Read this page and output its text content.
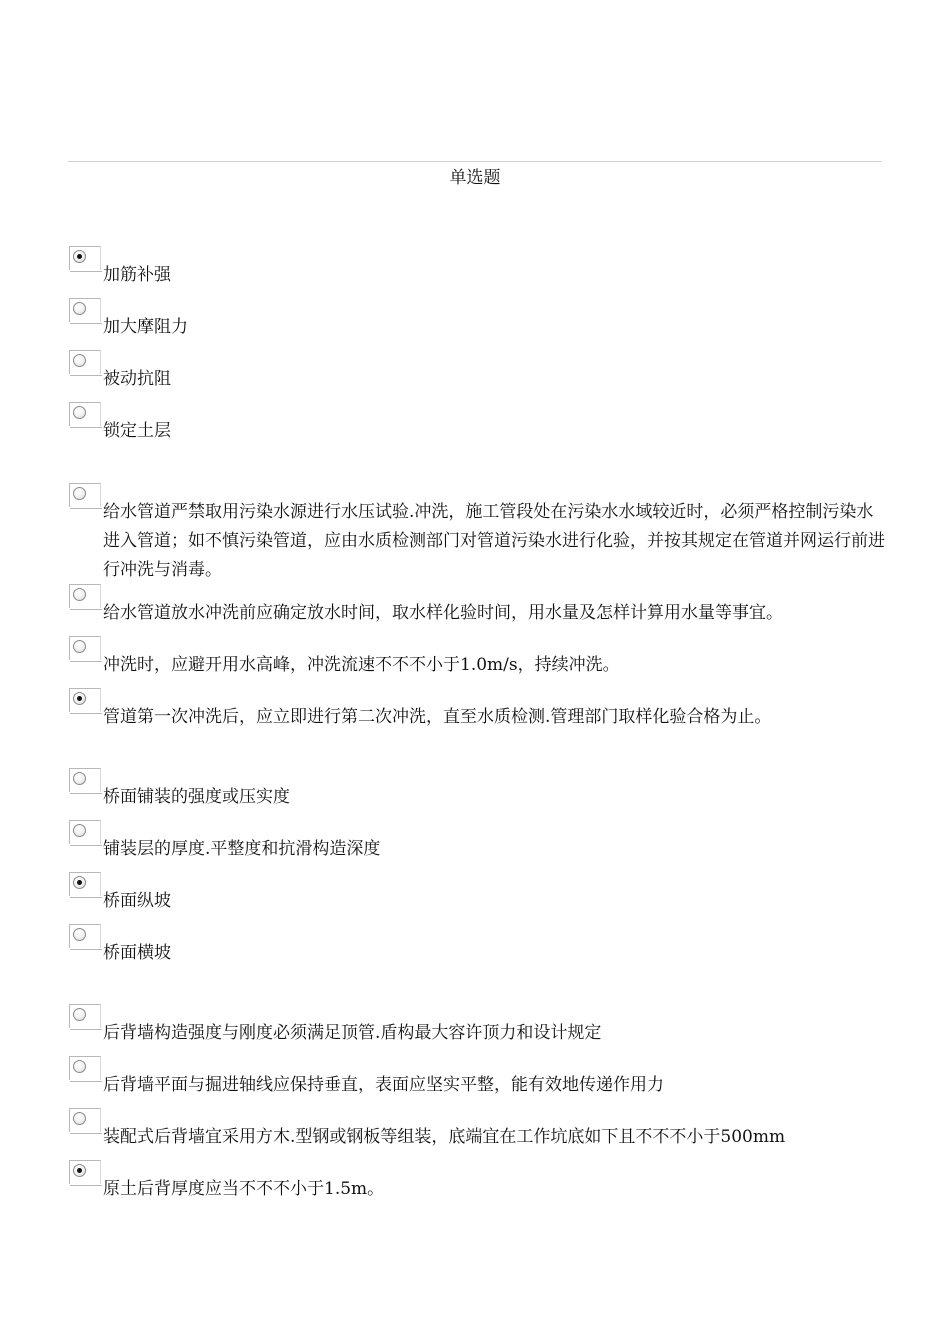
单选题
加筋补强
加大摩阻力
被动抗阻
锁定土层
给水管道严禁取用污染水源进行水压试验.冲洗，施工管段处在污染水水域较近时，必须严格控制污染水进入管道；如不慎污染管道，应由水质检测部门对管道污染水进行化验，并按其规定在管道并网运行前进行冲洗与消毒。
给水管道放水冲洗前应确定放水时间，取水样化验时间，用水量及怎样计算用水量等事宜。
冲洗时，应避开用水高峰，冲洗流速不不不小于1.0m/s，持续冲洗。
管道第一次冲洗后，应立即进行第二次冲洗，直至水质检测.管理部门取样化验合格为止。
桥面铺装的强度或压实度
铺装层的厚度.平整度和抗滑构造深度
桥面纵坡
桥面横坡
后背墙构造强度与刚度必须满足顶管.盾构最大容许顶力和设计规定
后背墙平面与掘进轴线应保持垂直，表面应坚实平整，能有效地传递作用力
装配式后背墙宜采用方木.型钢或钢板等组装，底端宜在工作坑底如下且不不不小于500mm
原土后背厚度应当不不不小于1.5m。
